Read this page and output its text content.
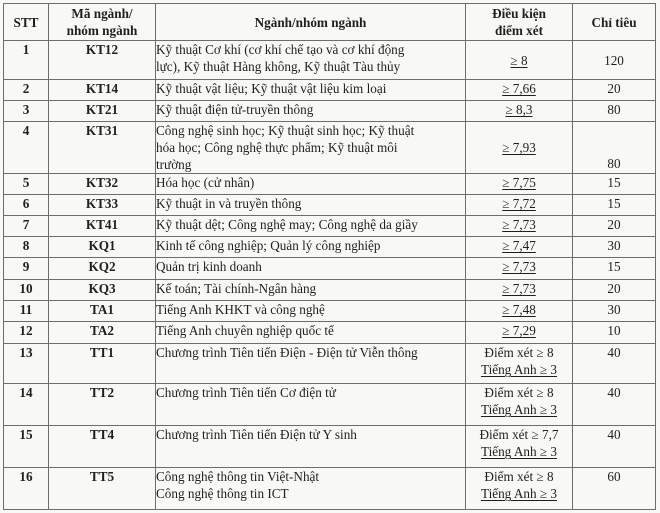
STT	Mã ngành/
nhóm ngành	Ngành/nhóm ngành	Điều kiện
điểm xét	Chỉ tiêu
1	KT12	Kỹ thuật Cơ khí (cơ khí chế tạo và cơ khí động
lực), Kỹ thuật Hàng không, Kỹ thuật Tàu thủy	≥ 8	120
2	KT14	Kỹ thuật vật liệu; Kỹ thuật vật liệu kim loại	≥ 7,66	20
3	KT21	Kỹ thuật điện tử-truyền thông	≥ 8,3	80
4	KT31	Công nghệ sinh học; Kỹ thuật sinh học; Kỹ thuật
hóa học; Công nghệ thực phẩm; Kỹ thuật môi
trường	≥ 7,93	80
5	KT32	Hóa học (cử nhân)	≥ 7,75	15
6	KT33	Kỹ thuật in và truyền thông	≥ 7,72	15
7	KT41	Kỹ thuật dệt; Công nghệ may; Công nghệ da giầy	≥ 7,73	20
8	KQ1	Kinh tế công nghiệp; Quản lý công nghiệp	≥ 7,47	30
9	KQ2	Quản trị kinh doanh	≥ 7,73	15
10	KQ3	Kế toán; Tài chính-Ngân hàng	≥ 7,73	20
11	TA1	Tiếng Anh KHKT và công nghệ	≥ 7,48	30
12	TA2	Tiếng Anh chuyên nghiệp quốc tế	≥ 7,29	10
13	TT1	Chương trình Tiên tiến Điện - Điện tử Viễn thông	Điểm xét ≥ 8
Tiếng Anh ≥ 3	40
14	TT2	Chương trình Tiên tiến Cơ điện tử	Điểm xét ≥ 8
Tiếng Anh ≥ 3	40
15	TT4	Chương trình Tiên tiến Điện tử Y sinh	Điểm xét ≥ 7,7
Tiếng Anh ≥ 3	40
16	TT5	Công nghệ thông tin Việt-Nhật
Công nghệ thông tin ICT	Điểm xét ≥ 8
Tiếng Anh ≥ 3	60
